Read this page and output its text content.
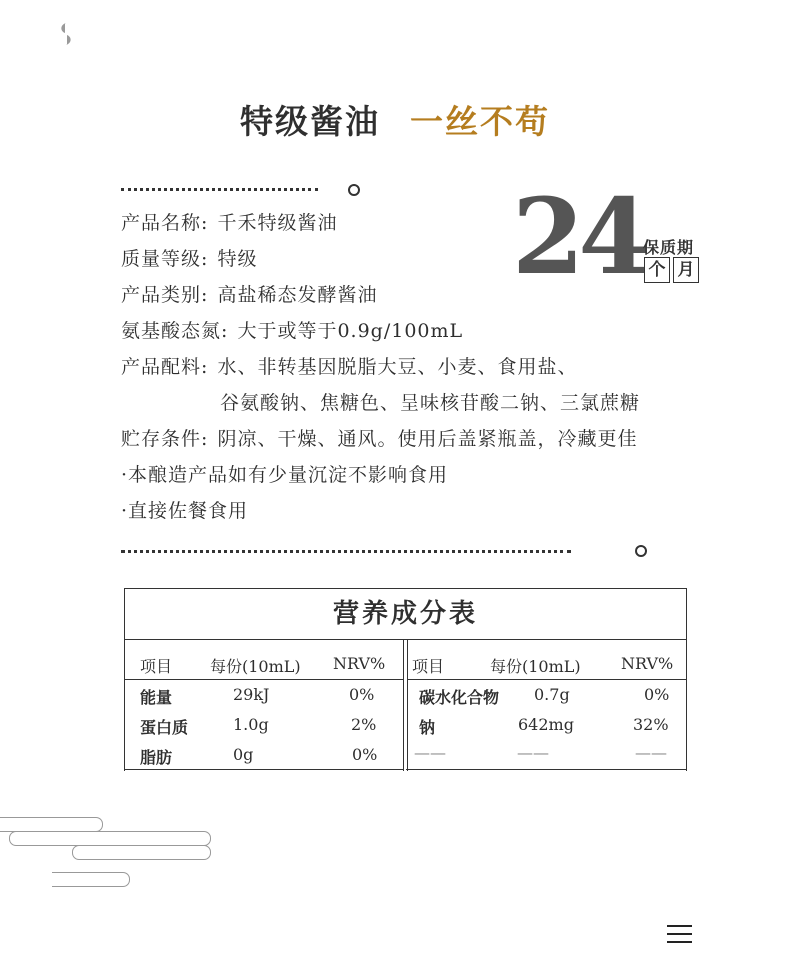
特级酱油 一丝不苟
产品名称: 千禾特级酱油
质量等级: 特级
产品类别: 高盐稀态发酵酱油
氨基酸态氮: 大于或等于0.9g/100mL
产品配料: 水、非转基因脱脂大豆、小麦、食用盐、
谷氨酸钠、焦糖色、呈味核苷酸二钠、三氯蔗糖
贮存条件: 阴凉、干燥、通风。使用后盖紧瓶盖，冷藏更佳
·本酿造产品如有少量沉淀不影响食用
·直接佐餐食用
24
保质期
个 月
营养成分表
项目 每份(10mL) NRV%
能量	29kJ	0%
蛋白质	1.0g	2%
脂肪	0g	0%
项目	每份(10mL)	NRV%
碳水化合物 0.7g	0%
钠	642mg	32%
——	——	——
